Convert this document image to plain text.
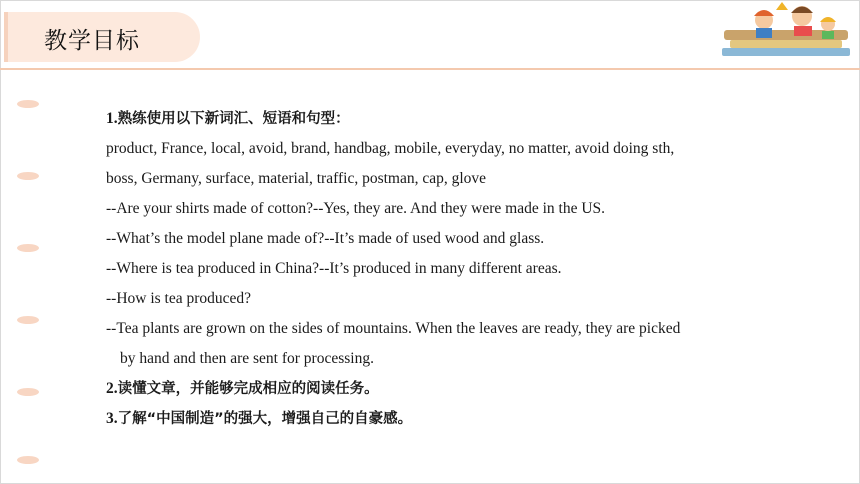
教学目标
1.熟练使用以下新词汇、短语和句型：
product, France, local, avoid, brand, handbag, mobile, everyday, no matter, avoid doing sth,
boss, Germany, surface, material, traffic, postman, cap, glove
--Are your shirts made of cotton?--Yes, they are. And they were made in the US.
--What’s the model plane made of?--It’s made of used wood and glass.
--Where is tea produced in China?--It’s produced in many different areas.
--How is tea produced?
--Tea plants are grown on the sides of mountains. When the leaves are ready, they are picked
by hand and then are sent for processing.
2.读懂文章，并能够完成相应的阅读任务。
3.了解“中国制造”的强大，增强自己的自豪感。
